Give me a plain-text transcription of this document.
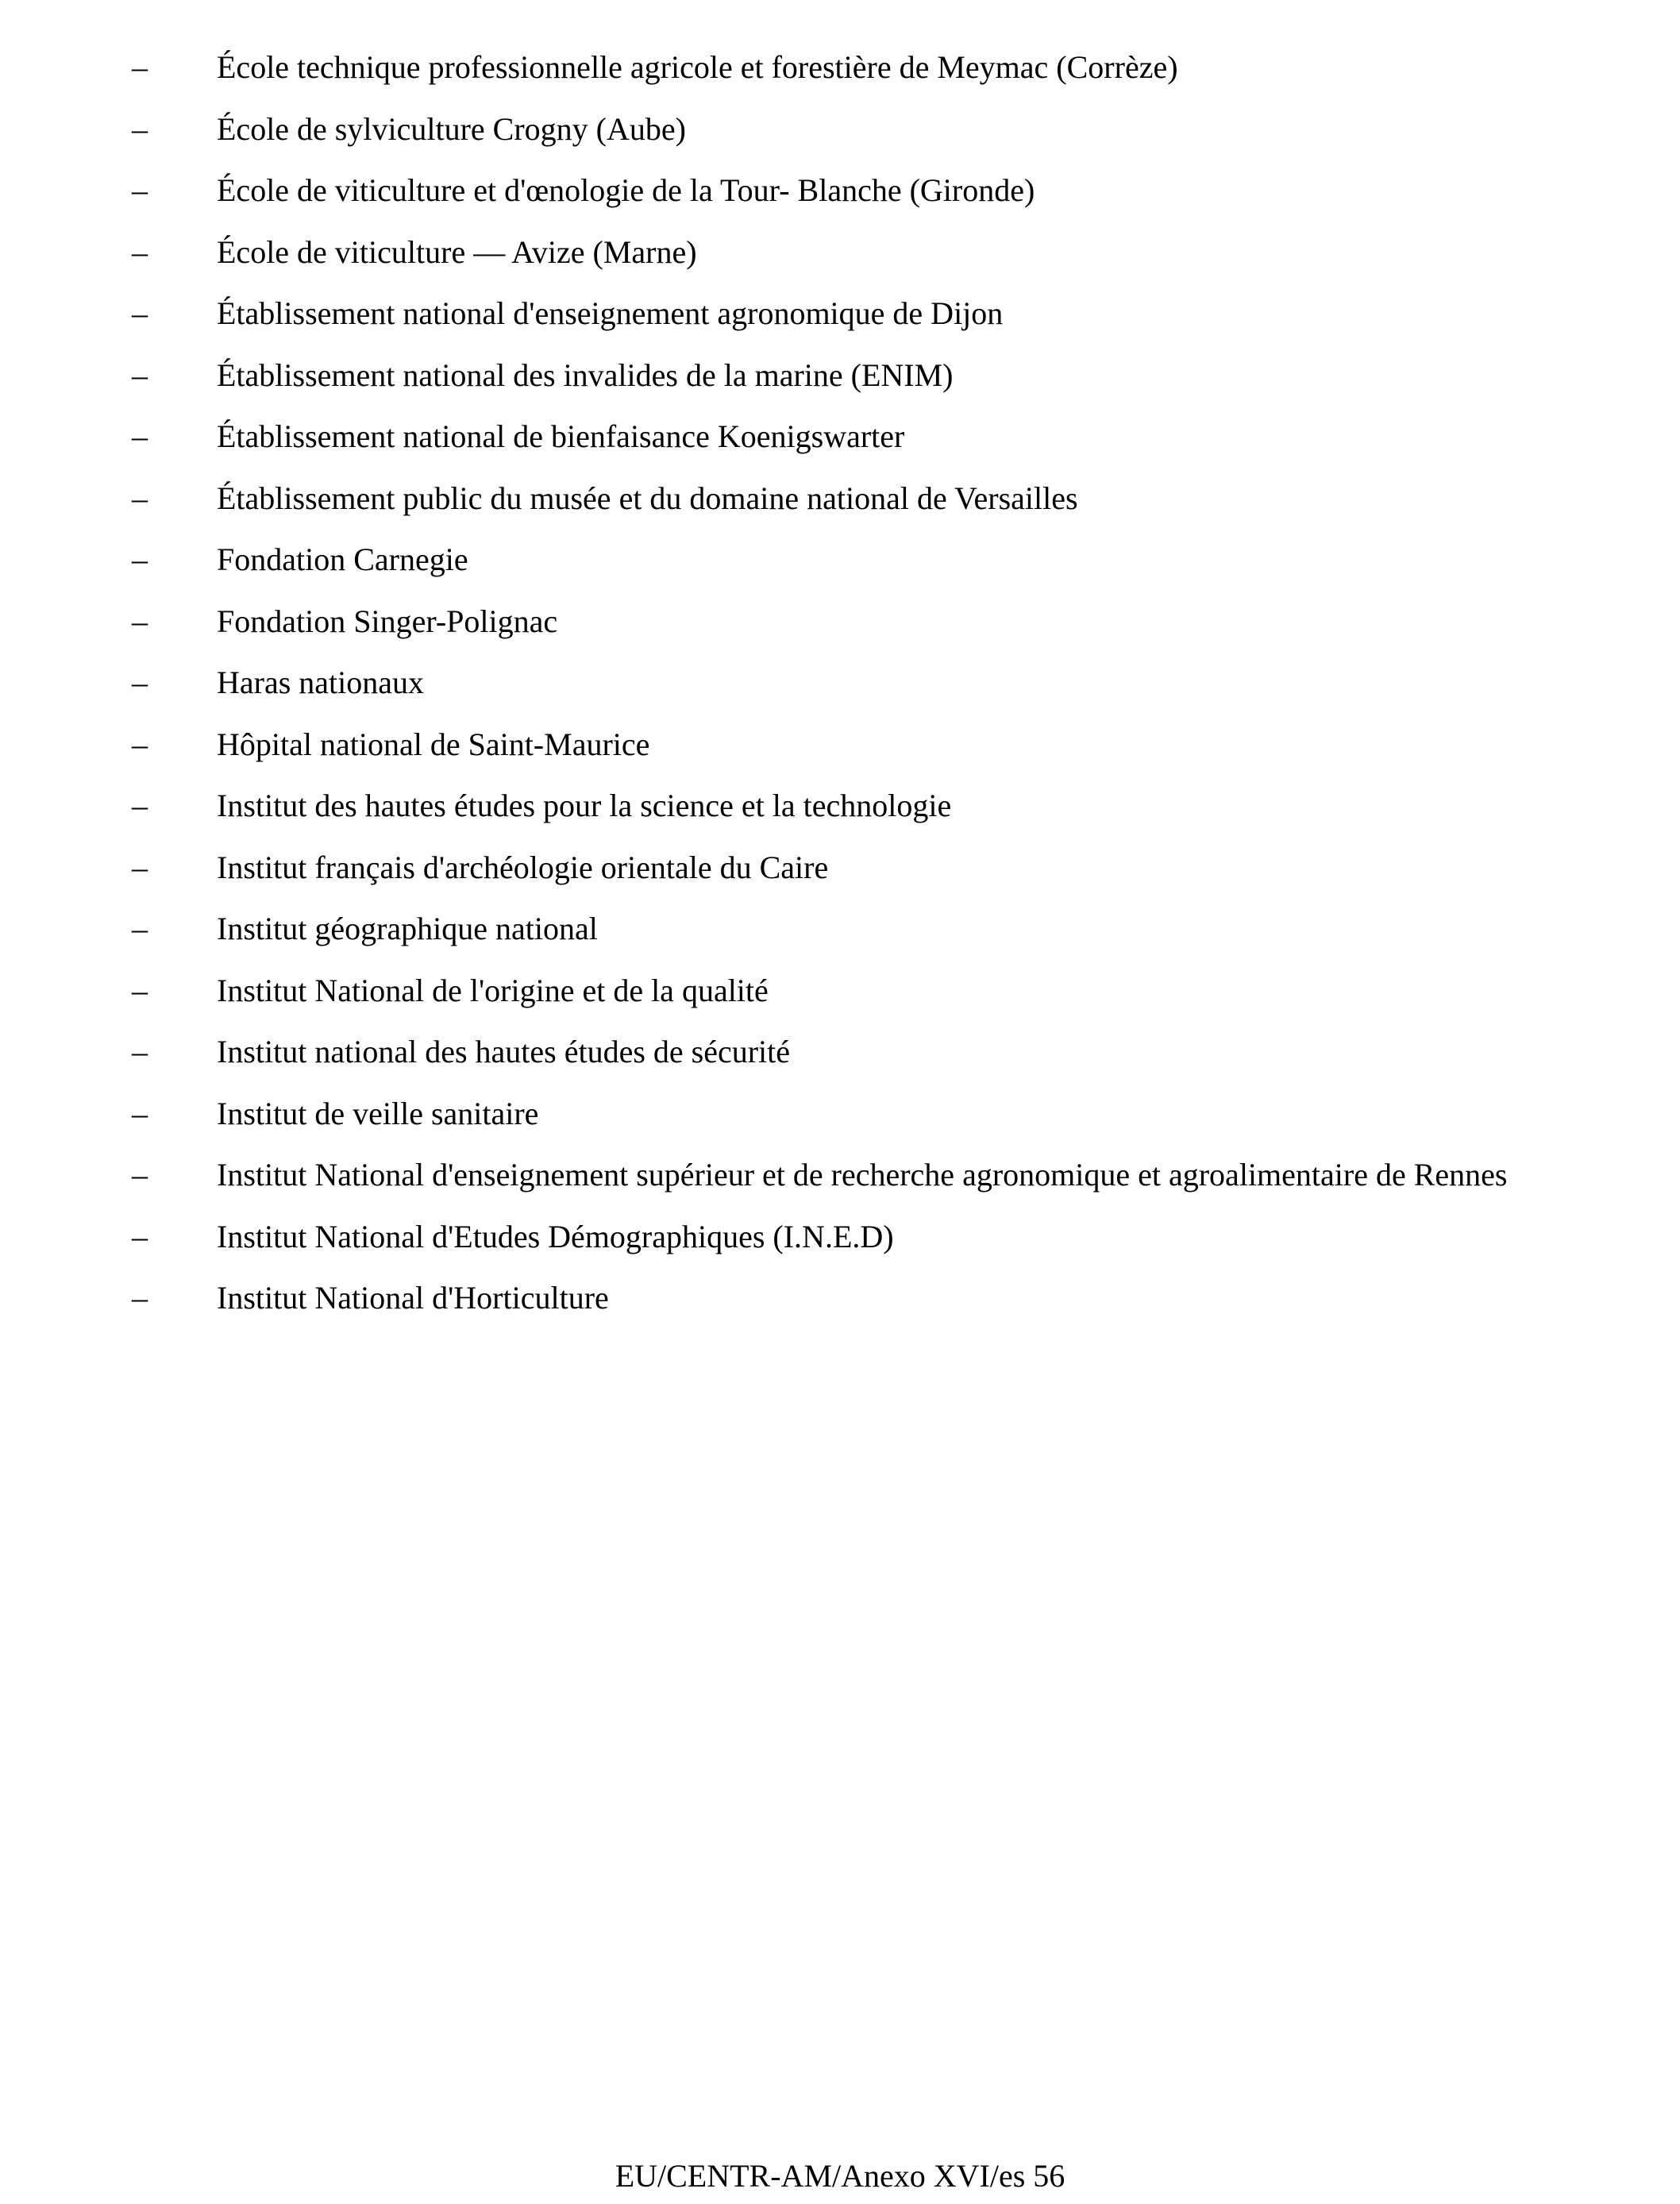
–	École technique professionnelle agricole et forestière de Meymac (Corrèze)
–	École de sylviculture Crogny (Aube)
–	École de viticulture et d'œnologie de la Tour- Blanche (Gironde)
–	École de viticulture — Avize (Marne)
–	Établissement national d'enseignement agronomique de Dijon
–	Établissement national des invalides de la marine (ENIM)
–	Établissement national de bienfaisance Koenigswarter
–	Établissement public du musée et du domaine national de Versailles
–	Fondation Carnegie
–	Fondation Singer-Polignac
–	Haras nationaux
–	Hôpital national de Saint-Maurice
–	Institut des hautes études pour la science et la technologie
–	Institut français d'archéologie orientale du Caire
–	Institut géographique national
–	Institut National de l'origine et de la qualité
–	Institut national des hautes études de sécurité
–	Institut de veille sanitaire
–	Institut National d'enseignement supérieur et de recherche agronomique et agroalimentaire de Rennes
–	Institut National d'Etudes Démographiques (I.N.E.D)
–	Institut National d'Horticulture
EU/CENTR-AM/Anexo XVI/es 56
